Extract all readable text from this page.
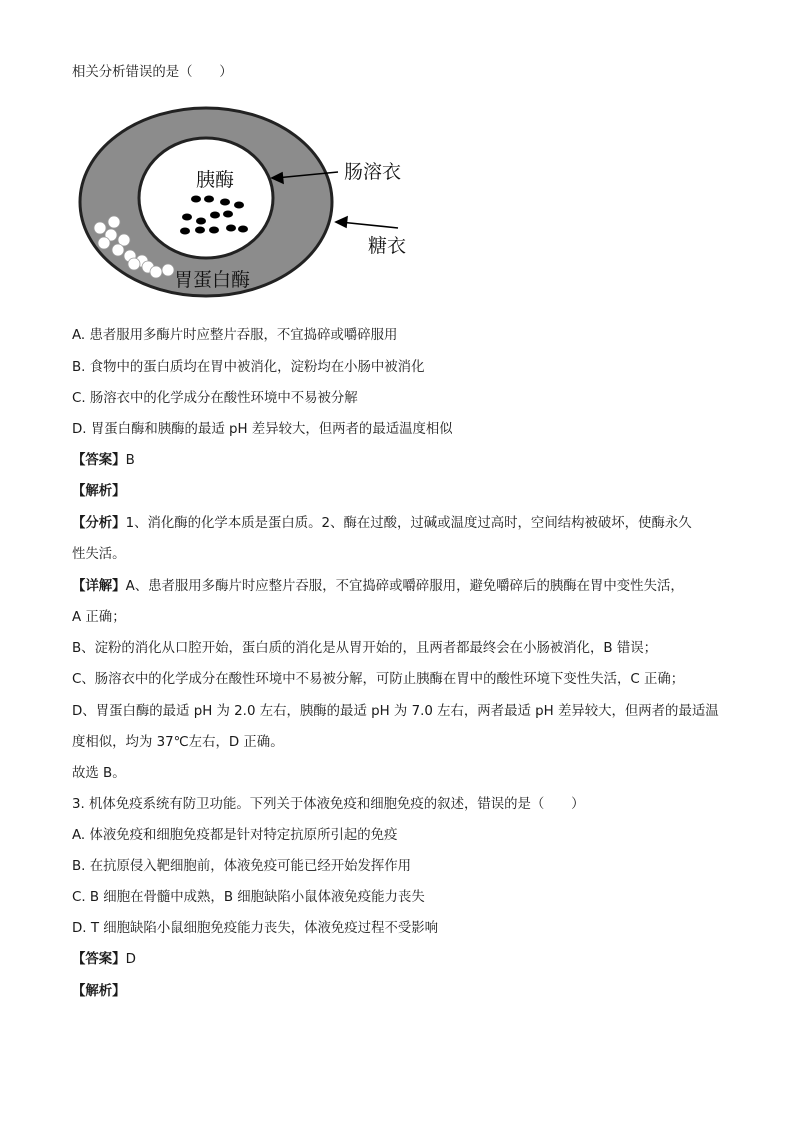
相关分析错误的是（　　）
胰酶
胃蛋白酶
肠溶衣
糖衣
A. 患者服用多酶片时应整片吞服，不宜捣碎或嚼碎服用
B. 食物中的蛋白质均在胃中被消化，淀粉均在小肠中被消化
C. 肠溶衣中的化学成分在酸性环境中不易被分解
D. 胃蛋白酶和胰酶的最适 pH 差异较大，但两者的最适温度相似
【答案】B
【解析】
【分析】1、消化酶的化学本质是蛋白质。2、酶在过酸，过碱或温度过高时，空间结构被破坏，使酶永久
性失活。
【详解】A、患者服用多酶片时应整片吞服，不宜捣碎或嚼碎服用，避免嚼碎后的胰酶在胃中变性失活，
A 正确；
B、淀粉的消化从口腔开始，蛋白质的消化是从胃开始的，且两者都最终会在小肠被消化，B 错误；
C、肠溶衣中的化学成分在酸性环境中不易被分解，可防止胰酶在胃中的酸性环境下变性失活，C 正确；
D、胃蛋白酶的最适 pH 为 2.0 左右，胰酶的最适 pH 为 7.0 左右，两者最适 pH 差异较大，但两者的最适温
度相似，均为 37℃左右，D 正确。
故选 B。
3. 机体免疫系统有防卫功能。下列关于体液免疫和细胞免疫的叙述，错误的是（　　）
A. 体液免疫和细胞免疫都是针对特定抗原所引起的免疫
B. 在抗原侵入靶细胞前，体液免疫可能已经开始发挥作用
C. B 细胞在骨髓中成熟，B 细胞缺陷小鼠体液免疫能力丧失
D. T 细胞缺陷小鼠细胞免疫能力丧失，体液免疫过程不受影响
【答案】D
【解析】
